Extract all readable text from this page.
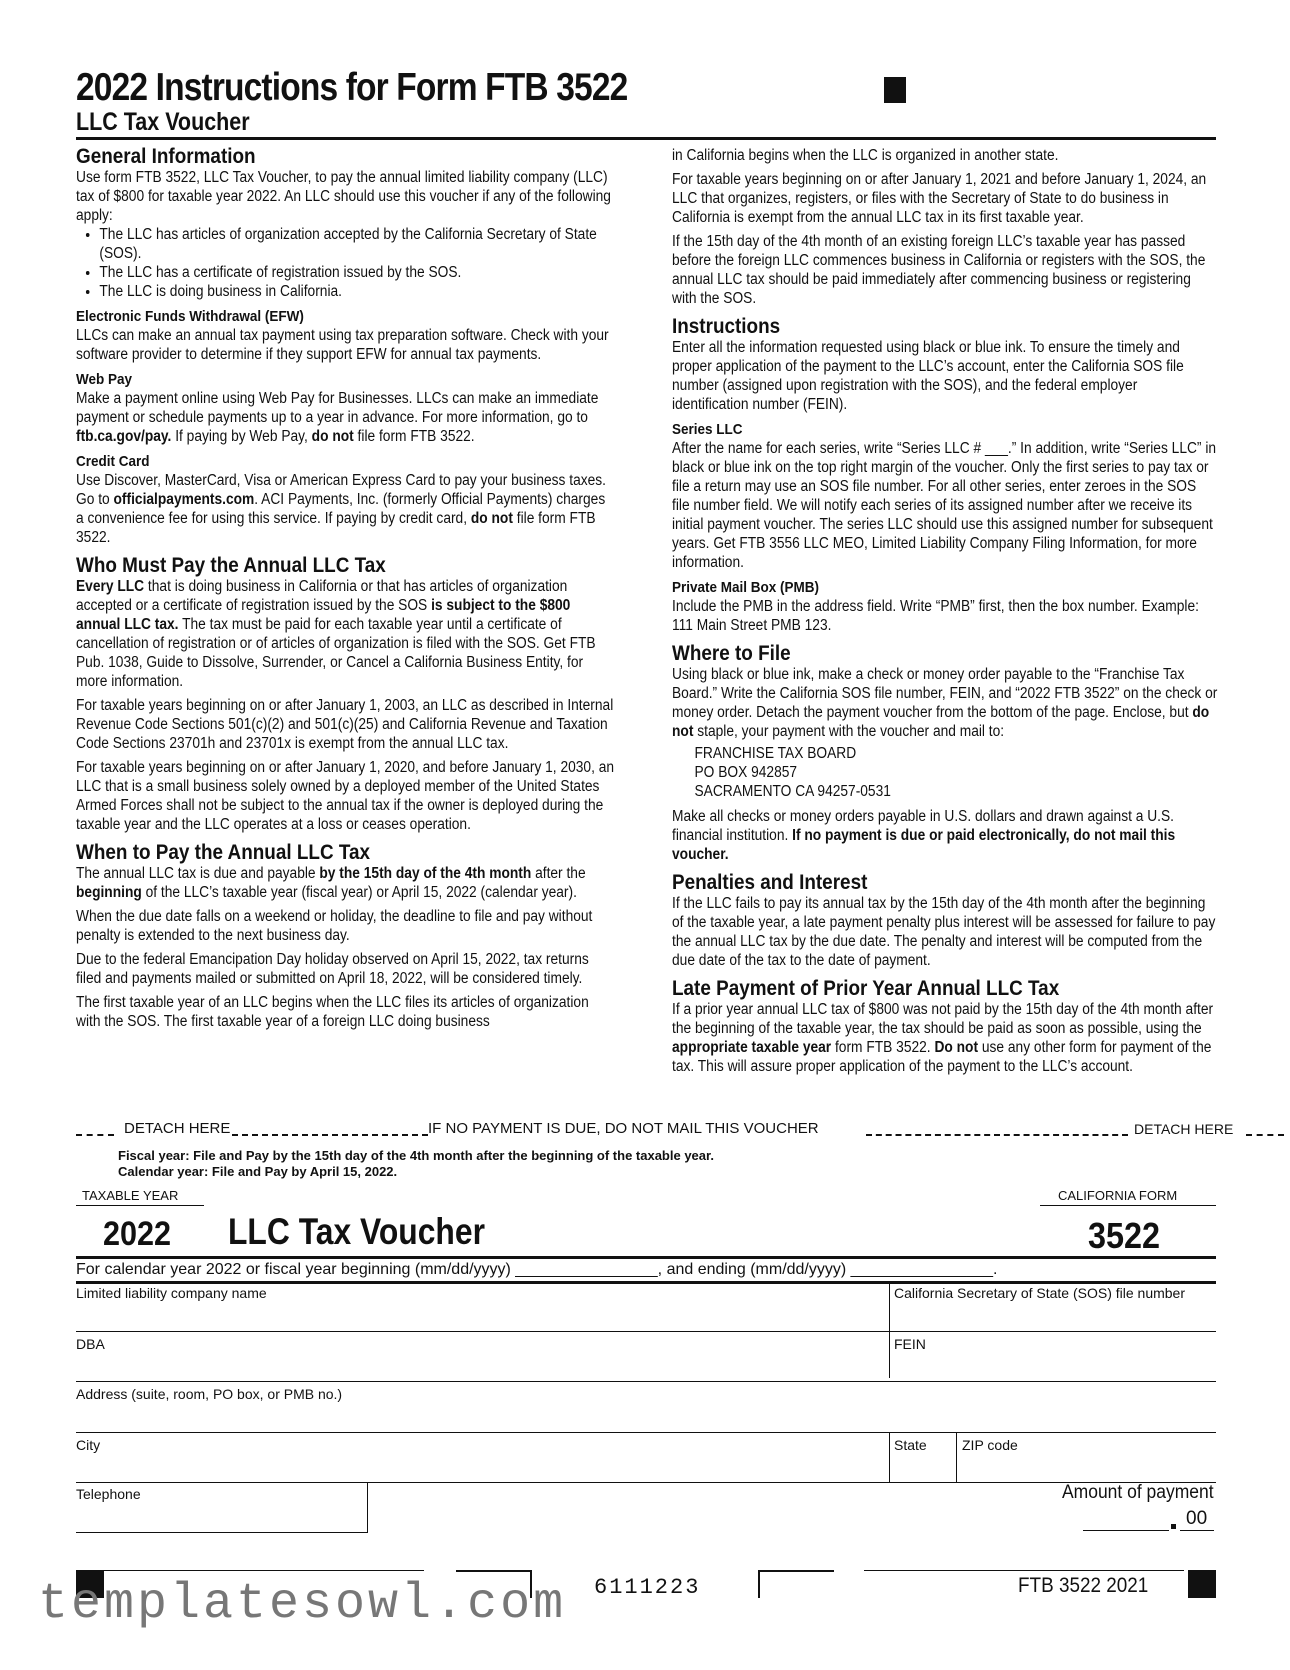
2022 Instructions for Form FTB 3522
LLC Tax Voucher
General Information

Use form FTB 3522, LLC Tax Voucher, to pay the annual limited liability company (LLC) tax of $800 for taxable year 2022. An LLC should use this voucher if any of the following apply:

• The LLC has articles of organization accepted by the California Secretary of State (SOS).
• The LLC has a certificate of registration issued by the SOS.
• The LLC is doing business in California.
Electronic Funds Withdrawal (EFW)

LLCs can make an annual tax payment using tax preparation software. Check with your software provider to determine if they support EFW for annual tax payments.

Web Pay

Make a payment online using Web Pay for Businesses. LLCs can make an immediate payment or schedule payments up to a year in advance. For more information, go to ftb.ca.gov/pay. If paying by Web Pay, do not file form FTB 3522.

Credit Card

Use Discover, MasterCard, Visa or American Express Card to pay your business taxes. Go to officialpayments.com. ACI Payments, Inc. (formerly Official Payments) charges a convenience fee for using this service. If paying by credit card, do not file form FTB 3522.

Who Must Pay the Annual LLC Tax

Every LLC that is doing business in California or that has articles of organization accepted or a certificate of registration issued by the SOS is subject to the $800 annual LLC tax. The tax must be paid for each taxable year until a certificate of cancellation of registration or of articles of organization is filed with the SOS. Get FTB Pub. 1038, Guide to Dissolve, Surrender, or Cancel a California Business Entity, for more information.

For taxable years beginning on or after January 1, 2003, an LLC as described in Internal Revenue Code Sections 501(c)(2) and 501(c)(25) and California Revenue and Taxation Code Sections 23701h and 23701x is exempt from the annual LLC tax.

For taxable years beginning on or after January 1, 2020, and before January 1, 2030, an LLC that is a small business solely owned by a deployed member of the United States Armed Forces shall not be subject to the annual tax if the owner is deployed during the taxable year and the LLC operates at a loss or ceases operation.

When to Pay the Annual LLC Tax

The annual LLC tax is due and payable by the 15th day of the 4th month after the beginning of the LLC’s taxable year (fiscal year) or April 15, 2022 (calendar year).

When the due date falls on a weekend or holiday, the deadline to file and pay without penalty is extended to the next business day.

Due to the federal Emancipation Day holiday observed on April 15, 2022, tax returns filed and payments mailed or submitted on April 18, 2022, will be considered timely.

The first taxable year of an LLC begins when the LLC files its articles of organization with the SOS. The first taxable year of a foreign LLC doing business

in California begins when the LLC is organized in another state.

For taxable years beginning on or after January 1, 2021 and before January 1, 2024, an LLC that organizes, registers, or files with the Secretary of State to do business in California is exempt from the annual LLC tax in its first taxable year.

If the 15th day of the 4th month of an existing foreign LLC’s taxable year has passed before the foreign LLC commences business in California or registers with the SOS, the annual LLC tax should be paid immediately after commencing business or registering with the SOS.

Instructions

Enter all the information requested using black or blue ink. To ensure the timely and proper application of the payment to the LLC’s account, enter the California SOS file number (assigned upon registration with the SOS), and the federal employer identification number (FEIN).

Series LLC

After the name for each series, write “Series LLC # ___.” In addition, write “Series LLC” in black or blue ink on the top right margin of the voucher. Only the first series to pay tax or file a return may use an SOS file number. For all other series, enter zeroes in the SOS file number field. We will notify each series of its assigned number after we receive its initial payment voucher. The series LLC should use this assigned number for subsequent years. Get FTB 3556 LLC MEO, Limited Liability Company Filing Information, for more information.

Private Mail Box (PMB)

Include the PMB in the address field. Write “PMB” first, then the box number. Example: 111 Main Street PMB 123.

Where to File

Using black or blue ink, make a check or money order payable to the “Franchise Tax Board.” Write the California SOS file number, FEIN, and “2022 FTB 3522” on the check or money order. Detach the payment voucher from the bottom of the page. Enclose, but do not staple, your payment with the voucher and mail to:

FRANCHISE TAX BOARD
PO BOX 942857
SACRAMENTO CA 94257-0531

Make all checks or money orders payable in U.S. dollars and drawn against a U.S. financial institution. If no payment is due or paid electronically, do not mail this voucher.

Penalties and Interest

If the LLC fails to pay its annual tax by the 15th day of the 4th month after the beginning of the taxable year, a late payment penalty plus interest will be assessed for failure to pay the annual LLC tax by the due date. The penalty and interest will be computed from the due date of the tax to the date of payment.

Late Payment of Prior Year Annual LLC Tax

If a prior year annual LLC tax of $800 was not paid by the 15th day of the 4th month after the beginning of the taxable year, the tax should be paid as soon as possible, using the appropriate taxable year form FTB 3522. Do not use any other form for payment of the tax. This will assure proper application of the payment to the LLC’s account.

DETACH HERE	IF NO PAYMENT IS DUE, DO NOT MAIL THIS VOUCHER	DETACH HERE
Fiscal year: File and Pay by the 15th day of the 4th month after the beginning of the taxable year.
Calendar year: File and Pay by April 15, 2022.
TAXABLE YEAR	CALIFORNIA FORM
2022 LLC Tax Voucher	3522
For calendar year 2022 or fiscal year beginning (mm/dd/yyyy) ________________, and ending (mm/dd/yyyy) ________________.
Limited liability company name	California Secretary of State (SOS) file number
DBA	FEIN
Address (suite, room, PO box, or PMB no.)
City	State	ZIP code
Telephone	Amount of payment
00
6111223	FTB 3522 2021
templatesowl.com
